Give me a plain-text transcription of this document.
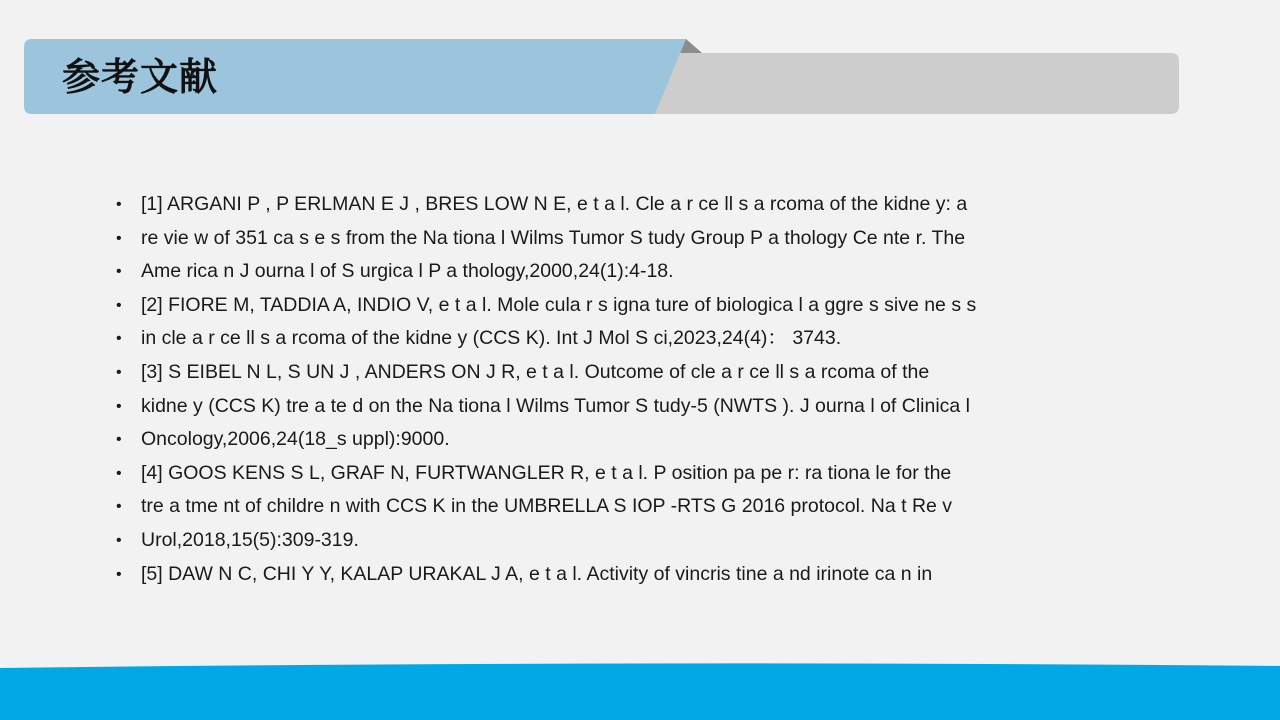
参考文献
• [1] ARGANI P , P ERLMAN E J , BRES LOW N E, e t a l. Cle a r ce ll s a rcoma of the kidne y: a
• re vie w of 351 ca s e s from the Na tiona l Wilms Tumor S tudy Group P a thology Ce nte r. The
• Ame rica n J ourna l of S urgica l P a thology,2000,24(1):4-18.
• [2] FIORE M, TADDIA A, INDIO V, e t a l. Mole cula r s igna ture of biologica l a ggre s sive ne s s
• in cle a r ce ll s a rcoma of the kidne y (CCS K). Int J Mol S ci,2023,24(4)： 3743.
• [3] S EIBEL N L, S UN J , ANDERS ON J R, e t a l. Outcome of cle a r ce ll s a rcoma of the
• kidne y (CCS K) tre a te d on the Na tiona l Wilms Tumor S tudy-5 (NWTS ). J ourna l of Clinica l
• Oncology,2006,24(18_s uppl):9000.
• [4] GOOS KENS S L, GRAF N, FURTWANGLER R, e t a l. P osition pa pe r: ra tiona le for the
• tre a tme nt of childre n with CCS K in the UMBRELLA S IOP -RTS G 2016 protocol. Na t Re v
• Urol,2018,15(5):309-319.
• [5] DAW N C, CHI Y Y, KALAP URAKAL J A, e t a l. Activity of vincris tine a nd irinote ca n in
